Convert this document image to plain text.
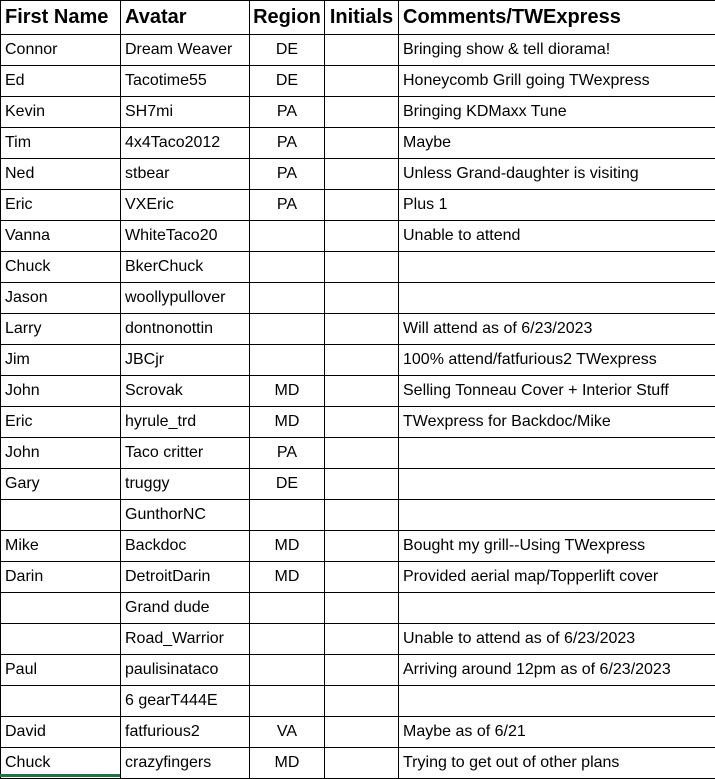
First Name	Avatar	Region	Initials	Comments/TWExpress
Connor	Dream Weaver	DE		Bringing show & tell diorama!
Ed	Tacotime55	DE		Honeycomb Grill going TWexpress
Kevin	SH7mi	PA		Bringing KDMaxx Tune
Tim	4x4Taco2012	PA		Maybe
Ned	stbear	PA		Unless Grand-daughter is visiting
Eric	VXEric	PA		Plus 1
Vanna	WhiteTaco20			Unable to attend
Chuck	BkerChuck			
Jason	woollypullover			
Larry	dontnonottin			Will attend as of 6/23/2023
Jim	JBCjr			100% attend/fatfurious2 TWexpress
John	Scrovak	MD		Selling Tonneau Cover + Interior Stuff
Eric	hyrule_trd	MD		TWexpress for Backdoc/Mike
John	Taco critter	PA		
Gary	truggy	DE		
	GunthorNC			
Mike	Backdoc	MD		Bought my grill--Using TWexpress
Darin	DetroitDarin	MD		Provided aerial map/Topperlift cover
	Grand dude			
	Road_Warrior			Unable to attend as of 6/23/2023
Paul	paulisinataco			Arriving around 12pm as of 6/23/2023
	6 gearT444E			
David	fatfurious2	VA		Maybe as of 6/21
Chuck	crazyfingers	MD		Trying to get out of other plans
